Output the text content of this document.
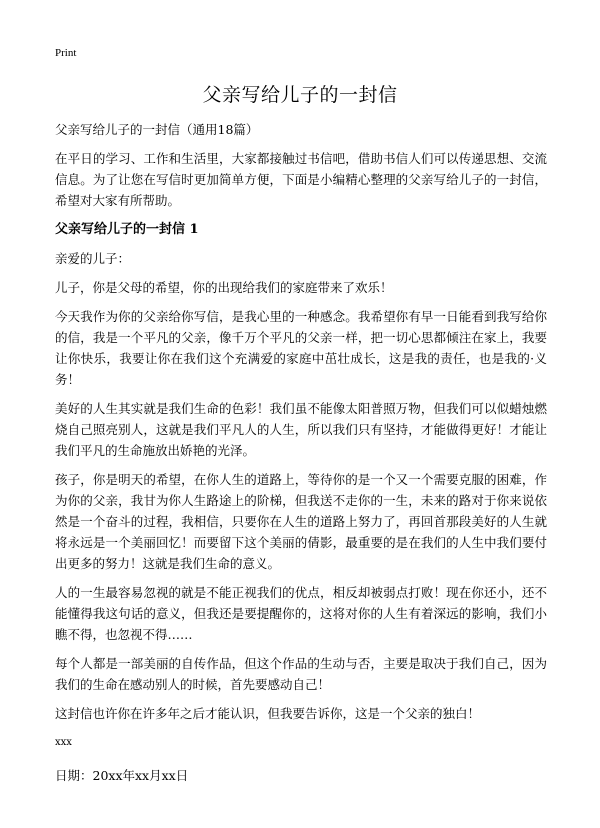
Print
父亲写给儿子的一封信

父亲写给儿子的一封信（通用18篇）

在平日的学习、工作和生活里，大家都接触过书信吧，借助书信人们可以传递思想、交流信息。为了让您在写信时更加简单方便，下面是小编精心整理的父亲写给儿子的一封信，希望对大家有所帮助。

父亲写给儿子的一封信 1

亲爱的儿子：

儿子，你是父母的希望，你的出现给我们的家庭带来了欢乐！

今天我作为你的父亲给你写信，是我心里的一种感念。我希望你有早一日能看到我写给你的信，我是一个平凡的父亲，像千万个平凡的父亲一样，把一切心思都倾注在家上，我要让你快乐，我要让你在我们这个充满爱的家庭中茁壮成长，这是我的责任，也是我的·义务！

美好的人生其实就是我们生命的色彩！我们虽不能像太阳普照万物，但我们可以似蜡烛燃烧自己照亮别人，这就是我们平凡人的人生，所以我们只有坚持，才能做得更好！才能让我们平凡的生命施放出娇艳的光泽。

孩子，你是明天的希望，在你人生的道路上，等待你的是一个又一个需要克服的困难，作为你的父亲，我甘为你人生路途上的阶梯，但我送不走你的一生，未来的路对于你来说依然是一个奋斗的过程，我相信，只要你在人生的道路上努力了，再回首那段美好的人生就将永远是一个美丽回忆！而要留下这个美丽的倩影，最重要的是在我们的人生中我们要付出更多的努力！这就是我们生命的意义。

人的一生最容易忽视的就是不能正视我们的优点，相反却被弱点打败！现在你还小，还不能懂得我这句话的意义，但我还是要提醒你的，这将对你的人生有着深远的影响，我们小瞧不得，也忽视不得……

每个人都是一部美丽的自传作品，但这个作品的生动与否，主要是取决于我们自己，因为我们的生命在感动别人的时候，首先要感动自己！

这封信也许你在许多年之后才能认识，但我要告诉你，这是一个父亲的独白！

xxx

日期：20xx年xx月xx日
